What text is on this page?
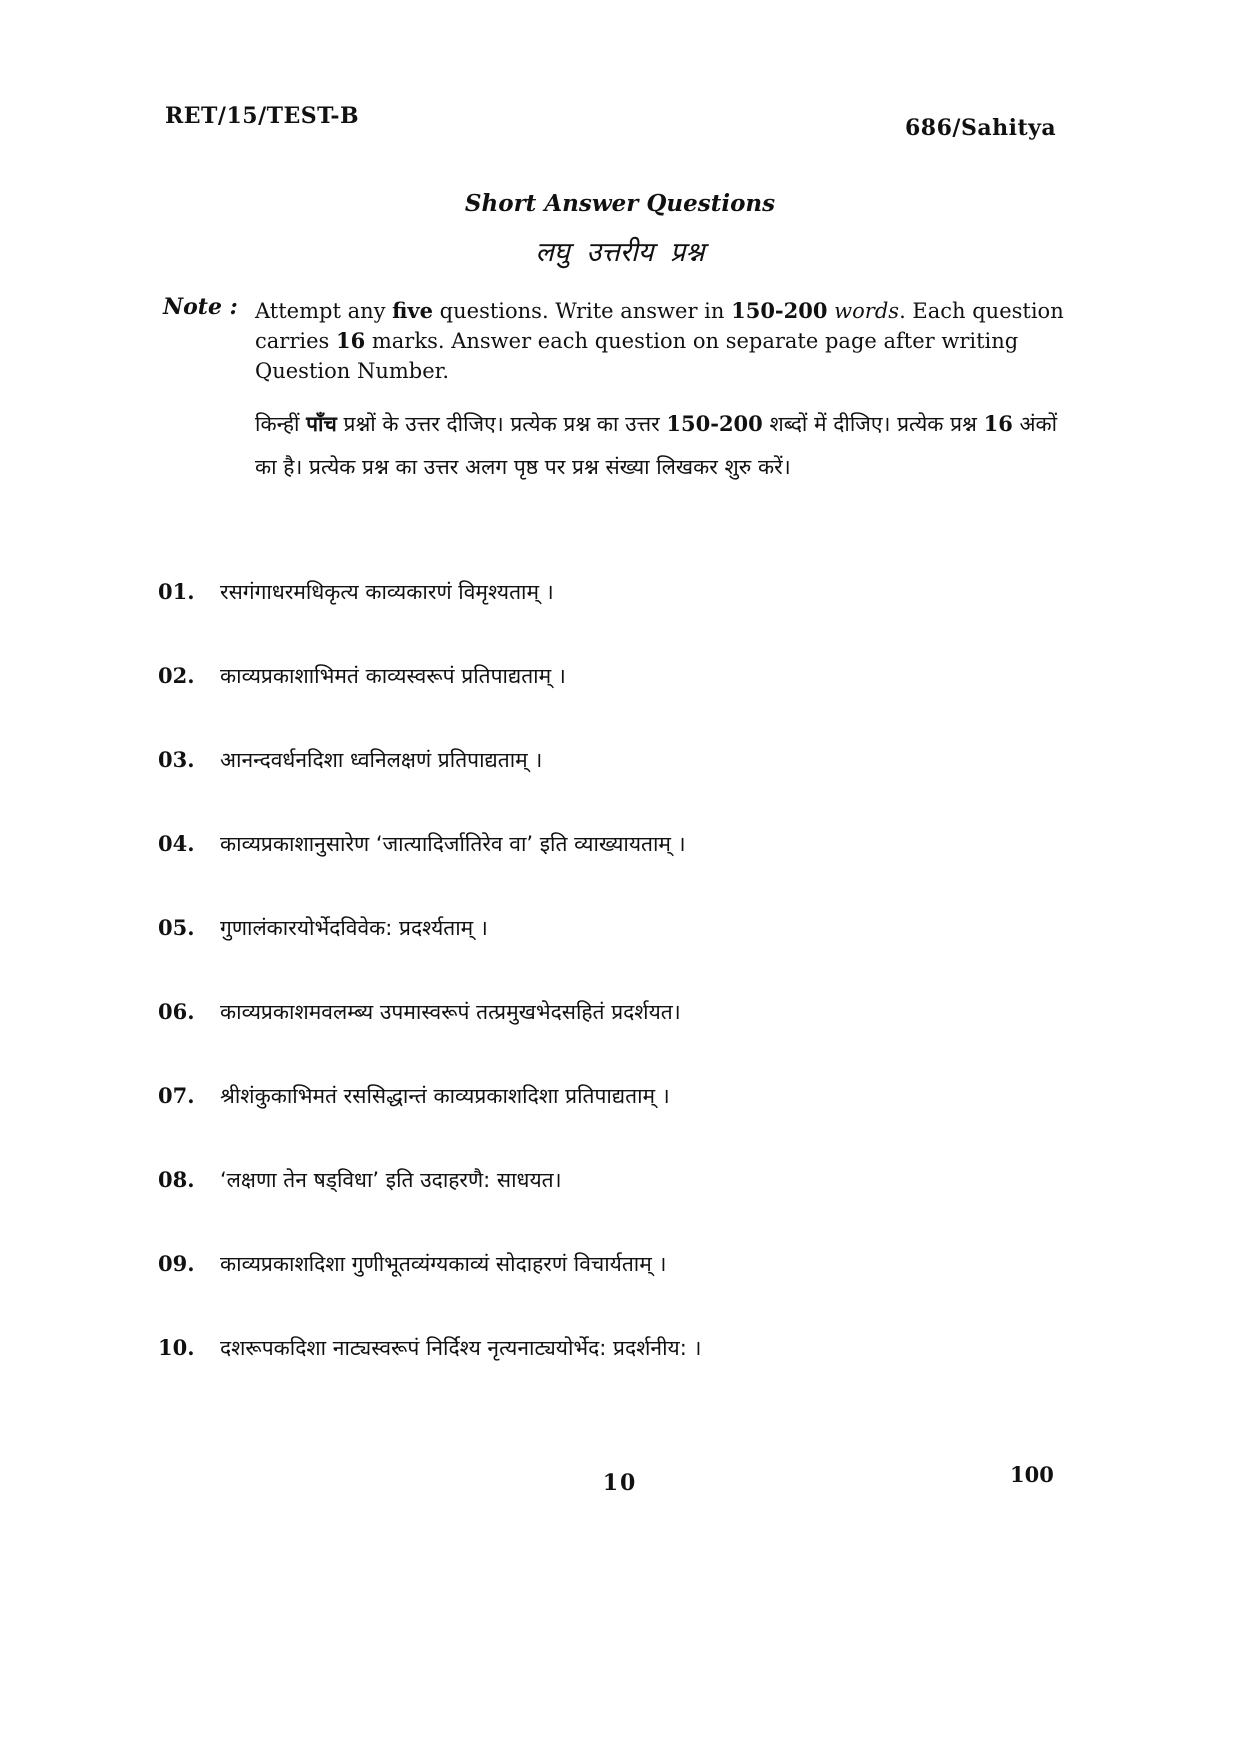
RET/15/TEST-B	686/Sahitya
Short Answer Questions
लघु उत्तरीय प्रश्न
Note : Attempt any five questions. Write answer in 150-200 words. Each question carries 16 marks. Answer each question on separate page after writing Question Number.
किन्हीं पाँच प्रश्नों के उत्तर दीजिए। प्रत्येक प्रश्न का उत्तर 150-200 शब्दों में दीजिए। प्रत्येक प्रश्न 16 अंकों का है। प्रत्येक प्रश्न का उत्तर अलग पृष्ठ पर प्रश्न संख्या लिखकर शुरु करें।
01.	रसगंगाधरमधिकृत्य काव्यकारणं विमृश्यताम् ।
02.	काव्यप्रकाशाभिमतं काव्यस्वरूपं प्रतिपाद्यताम् ।
03.	आनन्दवर्धनदिशा ध्वनिलक्षणं प्रतिपाद्यताम् ।
04.	काव्यप्रकाशानुसारेण ‘जात्यादिर्जातिरेव वा’ इति व्याख्यायताम् ।
05.	गुणालंकारयोर्भेदविवेक: प्रदर्श्यताम् ।
06.	काव्यप्रकाशमवलम्ब्य उपमास्वरूपं तत्प्रमुखभेदसहितं प्रदर्शयत।
07.	श्रीशंकुकाभिमतं रससिद्धान्तं काव्यप्रकाशदिशा प्रतिपाद्यताम् ।
08.	‘लक्षणा तेन षड्विधा’ इति उदाहरणै: साधयत।
09.	काव्यप्रकाशदिशा गुणीभूतव्यंग्यकाव्यं सोदाहरणं विचार्यताम् ।
10.	दशरूपकदिशा नाट्यस्वरूपं निर्दिश्य नृत्यनाट्ययोर्भेद: प्रदर्शनीय: ।
10	100
